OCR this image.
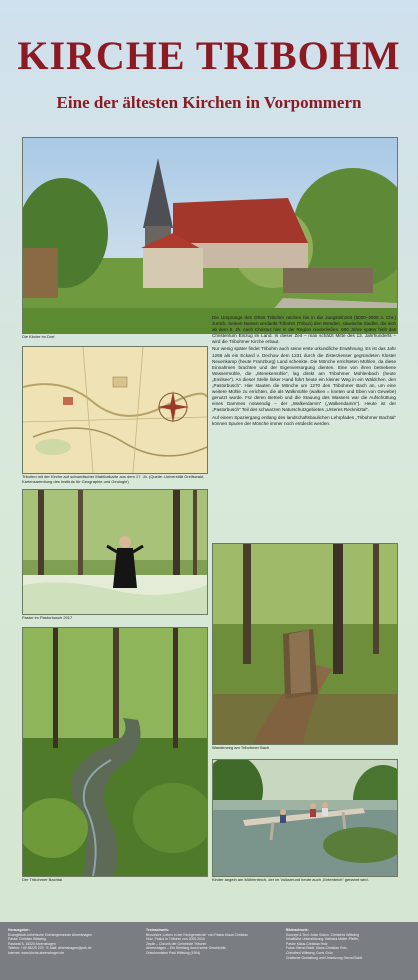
KIRCHE TRIBOHM
Eine der ältesten Kirchen in Vorpommern
Die Kirche im Dorf
Tribohm mit der Kirche auf schwedischer Matrikelkarte aus dem 17. Jh. (Quelle: Universität Greifswald, Kartensammlung des Instituts für Geographie und Geologie)
Pastor im Pastorbusch 2017
Wanderweg am Tribohmer Bach
Der Tribohmer Bachtal	Kinder angeln am Mühlenteich, der im Volksmund heute auch „Ententeich“ genannt wird.

Die Ursprünge des Ortes Tribohm reichen bis in die Jungsteinzeit (5000–2000 v. Chr.) zurück. Seinen Namen verdankt Tribohm (Tribun) den Wenden, slawische Siedler, die sich ab dem 6. Jh. nach Christus hier in der Region niederließen. 600 Jahre später hielt das Christentum Einzug im Land. In dieser Zeit – man schätzt Mitte des 13. Jahrhunderts – wird die Tribohmer Kirche erbaut.

Nur wenig später findet Tribohm auch seine erste urkundliche Erwähnung. Es ist das Jahr 1268 als ein Eckard v. Dechow dem 1231 durch die Zisterzienser gegründeten Kloster Neuenkamp (heute Franzburg) Land schenkte. Die Mönche errichteten Mühlen, da diese Einnahmen brachten und der Eigenversorgung dienten. Eine von ihren betriebene Wassermühle, die „Monekemühle“, lag direkt am Tribohmer Mühlenbach (heute „Emilsee“). An dieser Stelle linker Hand führt heute ein kleiner Weg in ein Wäldchen, den „Pastorbusch“. Hier stauten die Mönche um 1270 den Tribohmer Bach an, um eine weitere Mühle zu errichten, die als Walkmühle (walken = kneten und Eben von Gewebe) genutzt wurde. Für deren Betrieb und die Stauung des Wassers war die Aufschüttung eines Dammes notwendig – der „Walkerdamm“ („Walkendamm“). Heute ist der „Pastorbusch“ Teil des schwarzen Naturschutzgebietes „Unteres Recknitztal“.

Auf einem Spaziergang entlang des landschaftsbaulichen Lehrpfades „Tribohmer Bachtal“ können Spuren der Mönche immer noch entdeckt werden.

Herausgeber:
Evangelisch-lutherische Kirchengemeinde Ahrenshagen
Pastor Christian Wittwing
Pastorat 5, 18320 Ahrenshagen
Telefon: +49 38225 229 · E-Mail: ahrenshagen@pek.de
Internet: www.kirche-ahrenshagen.de
Textnachweis:
Broschüre „Leben in der Kirchgemeinde“ von Pastor Klaus Christian
Holz, Pastor in Tribohm von 2000-2015
Zeplin – Chronik der Gemeinde Tribohm
Ahrenshagen – Ein Streifzug durch seine Geschichte,
Ortschronisten Paul Wittwing (1994)
Bildnachweis:
Konzept & Text: Anke Sobzo, Christfred Wittwing
Inhaltliche Unterstützung: Barbara Müller-Pfeifer,
Pastor Klaus-Christian Holz
Fotos: Bernd Boldt, Klaus-Christian Holz,
Christfred Wittwing, Doris Grün
Grafische Gestaltung und Umsetzung: Bernd Boldt
